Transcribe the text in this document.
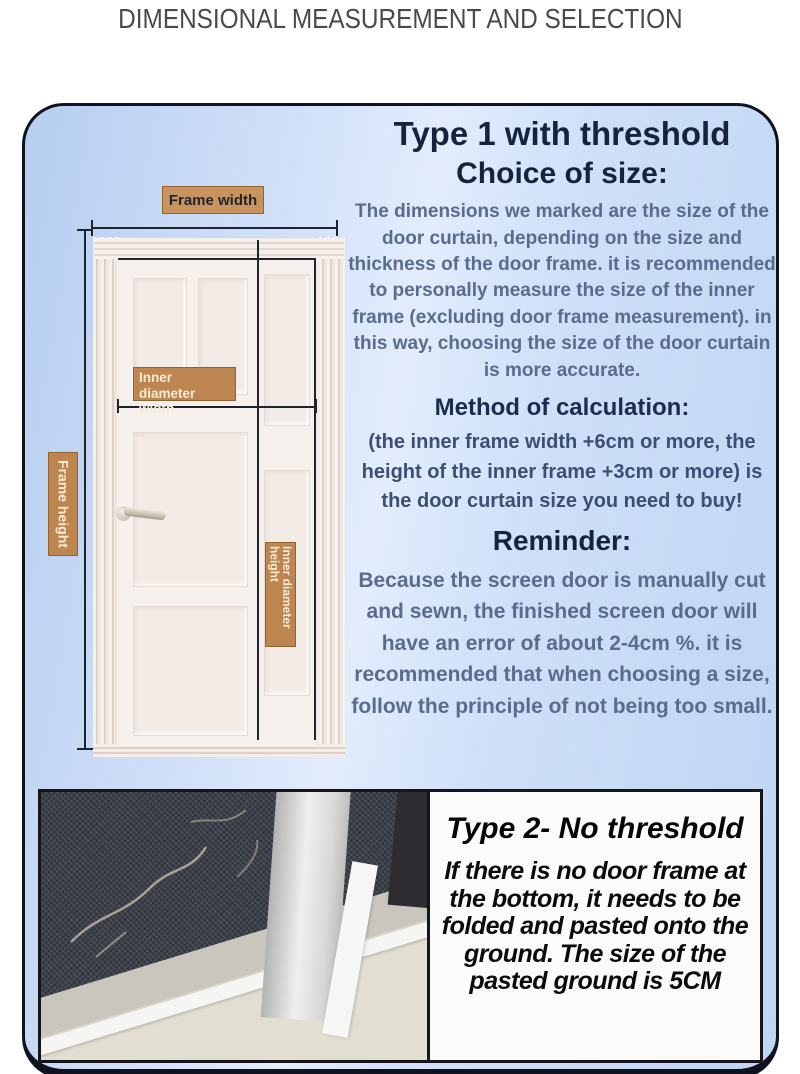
DIMENSIONAL MEASUREMENT AND SELECTION
Frame width
Frame height
Inner diameter width
Inner diameter height
Type 1 with threshold
Choice of size:
The dimensions we marked are the size of the door curtain, depending on the size and thickness of the door frame. it is recommended to personally measure the size of the inner frame (excluding door frame measurement). in this way, choosing the size of the door curtain is more accurate.
Method of calculation:
(the inner frame width +6cm or more, the height of the inner frame +3cm or more) is the door curtain size you need to buy!
Reminder:
Because the screen door is manually cut and sewn, the finished screen door will have an error of about 2-4cm %. it is recommended that when choosing a size, follow the principle of not being too small.
Type 2- No threshold
If there is no door frame at the bottom, it needs to be folded and pasted onto the ground. The size of the pasted ground is 5CM
